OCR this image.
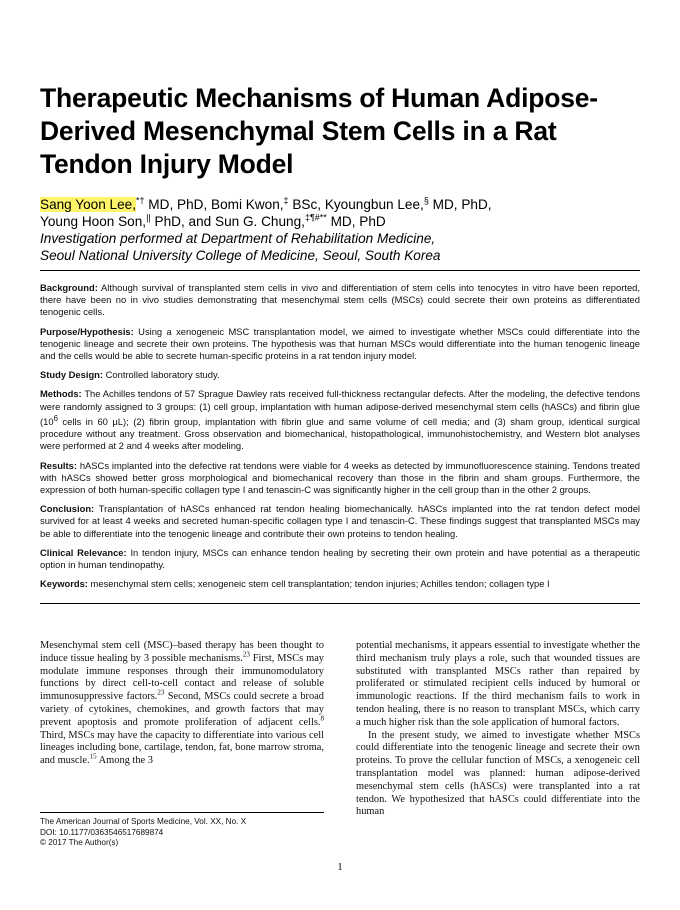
Therapeutic Mechanisms of Human Adipose-Derived Mesenchymal Stem Cells in a Rat Tendon Injury Model
Sang Yoon Lee,*† MD, PhD, Bomi Kwon,‡ BSc, Kyoungbun Lee,§ MD, PhD,
Young Hoon Son,|| PhD, and Sun G. Chung,‡¶#** MD, PhD
Investigation performed at Department of Rehabilitation Medicine,
Seoul National University College of Medicine, Seoul, South Korea

Background: Although survival of transplanted stem cells in vivo and differentiation of stem cells into tenocytes in vitro have been reported, there have been no in vivo studies demonstrating that mesenchymal stem cells (MSCs) could secrete their own proteins as differentiated tenogenic cells.

Purpose/Hypothesis: Using a xenogeneic MSC transplantation model, we aimed to investigate whether MSCs could differentiate into the tenogenic lineage and secrete their own proteins. The hypothesis was that human MSCs would differentiate into the human tenogenic lineage and the cells would be able to secrete human-specific proteins in a rat tendon injury model.

Study Design: Controlled laboratory study.

Methods: The Achilles tendons of 57 Sprague Dawley rats received full-thickness rectangular defects. After the modeling, the defective tendons were randomly assigned to 3 groups: (1) cell group, implantation with human adipose-derived mesenchymal stem cells (hASCs) and fibrin glue ($10^6$ cells in 60 μL); (2) fibrin group, implantation with fibrin glue and same volume of cell media; and (3) sham group, identical surgical procedure without any treatment. Gross observation and biomechanical, histopathological, immunohistochemistry, and Western blot analyses were performed at 2 and 4 weeks after modeling.

Results: hASCs implanted into the defective rat tendons were viable for 4 weeks as detected by immunofluorescence staining. Tendons treated with hASCs showed better gross morphological and biomechanical recovery than those in the fibrin and sham groups. Furthermore, the expression of both human-specific collagen type I and tenascin-C was significantly higher in the cell group than in the other 2 groups.

Conclusion: Transplantation of hASCs enhanced rat tendon healing biomechanically. hASCs implanted into the rat tendon defect model survived for at least 4 weeks and secreted human-specific collagen type I and tenascin-C. These findings suggest that transplanted MSCs may be able to differentiate into the tenogenic lineage and contribute their own proteins to tendon healing.

Clinical Relevance: In tendon injury, MSCs can enhance tendon healing by secreting their own protein and have potential as a therapeutic option in human tendinopathy.

Keywords: mesenchymal stem cells; xenogeneic stem cell transplantation; tendon injuries; Achilles tendon; collagen type I

Mesenchymal stem cell (MSC)–based therapy has been thought to induce tissue healing by 3 possible mechanisms.$^{23}$ First, MSCs may modulate immune responses through their immunomodulatory functions by direct cell-to-cell contact and release of soluble immunosuppressive factors.$^{23}$ Second, MSCs could secrete a broad variety of cytokines, chemokines, and growth factors that may prevent apoptosis and promote proliferation of adjacent cells.$^8$ Third, MSCs may have the capacity to differentiate into various cell lineages including bone, cartilage, tendon, fat, bone marrow stroma, and muscle.$^{15}$ Among the 3

potential mechanisms, it appears essential to investigate whether the third mechanism truly plays a role, such that wounded tissues are substituted with transplanted MSCs rather than repaired by proliferated or stimulated recipient cells induced by humoral or immunologic reactions. If the third mechanism fails to work in tendon healing, there is no reason to transplant MSCs, which carry a much higher risk than the sole application of humoral factors.

In the present study, we aimed to investigate whether MSCs could differentiate into the tenogenic lineage and secrete their own proteins. To prove the cellular function of MSCs, a xenogeneic cell transplantation model was planned: human adipose-derived mesenchymal stem cells (hASCs) were transplanted into a rat tendon. We hypothesized that hASCs could differentiate into the human

The American Journal of Sports Medicine, Vol. XX, No. X
DOI: 10.1177/0363546517689874
© 2017 The Author(s)
1
